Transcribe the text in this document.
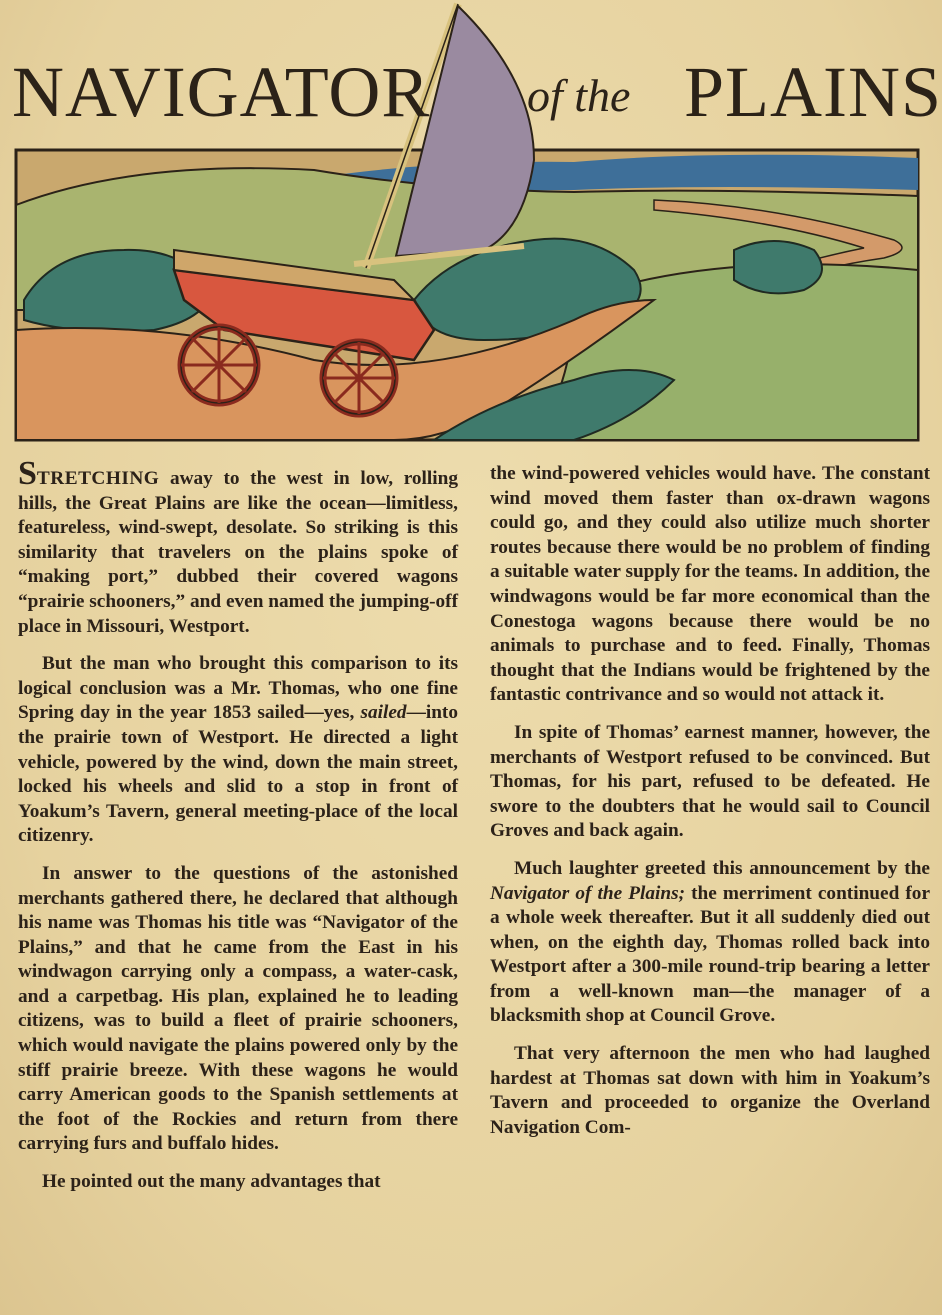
NAVIGATOR of the PLAINS

STRETCHING away to the west in low, rolling hills, the Great Plains are like the ocean—limitless, featureless, wind-swept, desolate. So striking is this similarity that travelers on the plains spoke of “making port,” dubbed their covered wagons “prairie schooners,” and even named the jumping-off place in Missouri, Westport.

But the man who brought this comparison to its logical conclusion was a Mr. Thomas, who one fine Spring day in the year 1853 sailed—yes, sailed—into the prairie town of Westport. He directed a light vehicle, powered by the wind, down the main street, locked his wheels and slid to a stop in front of Yoakum’s Tavern, general meeting-place of the local citizenry.

In answer to the questions of the astonished merchants gathered there, he declared that although his name was Thomas his title was “Navigator of the Plains,” and that he came from the East in his windwagon carrying only a compass, a water-cask, and a carpetbag. His plan, explained he to leading citizens, was to build a fleet of prairie schooners, which would navigate the plains powered only by the stiff prairie breeze. With these wagons he would carry American goods to the Spanish settlements at the foot of the Rockies and return from there carrying furs and buffalo hides.

He pointed out the many advantages that

the wind-powered vehicles would have. The constant wind moved them faster than ox-drawn wagons could go, and they could also utilize much shorter routes because there would be no problem of finding a suitable water supply for the teams. In addition, the windwagons would be far more economical than the Conestoga wagons because there would be no animals to purchase and to feed. Finally, Thomas thought that the Indians would be frightened by the fantastic contrivance and so would not attack it.

In spite of Thomas’ earnest manner, however, the merchants of Westport refused to be convinced. But Thomas, for his part, refused to be defeated. He swore to the doubters that he would sail to Council Groves and back again.

Much laughter greeted this announcement by the Navigator of the Plains; the merriment continued for a whole week thereafter. But it all suddenly died out when, on the eighth day, Thomas rolled back into Westport after a 300-mile round-trip bearing a letter from a well-known man—the manager of a blacksmith shop at Council Grove.

That very afternoon the men who had laughed hardest at Thomas sat down with him in Yoakum’s Tavern and proceeded to organize the Overland Navigation Com-
